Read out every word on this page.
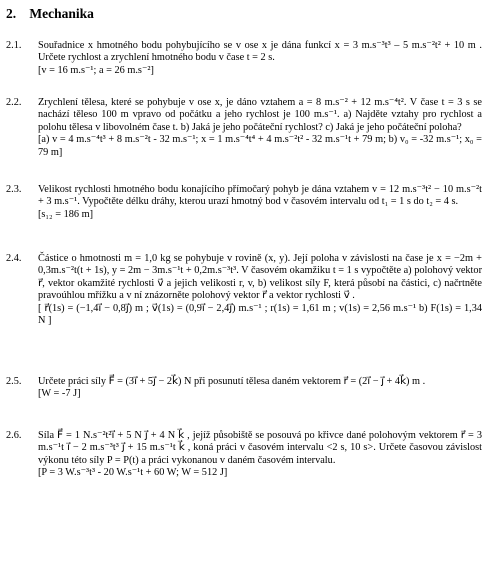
2. Mechanika
2.1.	Souřadnice x hmotného bodu pohybujícího se v ose x je dána funkcí x = 3 m.s⁻³t³ – 5 m.s⁻²t² + 10 m . Určete rychlost a zrychlení hmotného bodu v čase t = 2 s.

[v = 16 m.s⁻¹; a = 26 m.s⁻²]

2.2.	Zrychlení tělesa, které se pohybuje v ose x, je dáno vztahem a = 8 m.s⁻² + 12 m.s⁻⁴t². V čase t = 3 s se nachází těleso 100 m vpravo od počátku a jeho rychlost je 100 m.s⁻¹. a) Najděte vztahy pro rychlost a polohu tělesa v libovolném čase t. b) Jaká je jeho počáteční rychlost? c) Jaká je jeho počáteční poloha?

[a) v = 4 m.s⁻⁴t³ + 8 m.s⁻²t - 32 m.s⁻¹; x = 1 m.s⁻⁴t⁴ + 4 m.s⁻²t² - 32 m.s⁻¹t + 79 m; b) v₀ = -32 m.s⁻¹; x₀ = 79 m]

2.3.	Velikost rychlosti hmotného bodu konajícího přímočarý pohyb je dána vztahem v = 12 m.s⁻³t² − 10 m.s⁻²t + 3 m.s⁻¹. Vypočtěte délku dráhy, kterou urazí hmotný bod v časovém intervalu od t₁ = 1 s do t₂ = 4 s.

[s₁₂ = 186 m]

2.4.	Částice o hmotnosti m = 1,0 kg se pohybuje v rovině (x, y). Její poloha v závislosti na čase je x = −2m + 0,3m.s⁻²t(t + 1s), y = 2m − 3m.s⁻¹t + 0,2m.s⁻³t³. V časovém okamžiku t = 1 s vypočtěte a) polohový vektor r⃗, vektor okamžité rychlosti v⃗ a jejich velikosti r, v, b) velikost síly F, která působí na částici, c) načrtněte pravoúhlou mřížku a v ní znázorněte polohový vektor r⃗ a vektor rychlosti v⃗ .

[ r⃗(1s) = (−1,4i⃗ − 0,8j⃗) m ; v⃗(1s) = (0,9i⃗ − 2,4j⃗) m.s⁻¹ ; r(1s) = 1,61 m ; v(1s) = 2,56 m.s⁻¹ b) F(1s) = 1,34 N ]

2.5.	Určete práci síly F⃗ = (3i⃗ + 5j⃗ − 2k⃗) N při posunutí tělesa daném vektorem r⃗ = (2i⃗ − j⃗ + 4k⃗) m .

[W = -7 J]

2.6.	Síla F⃗ = 1 N.s⁻²t²i⃗ + 5 N j⃗ + 4 N k⃗ , jejíž působiště se posouvá po křivce dané polohovým vektorem r⃗ = 3 m.s⁻¹t i⃗ − 2 m.s⁻³t³ j⃗ + 15 m.s⁻¹t k⃗ , koná práci v časovém intervalu <2 s, 10 s>. Určete časovou závislost výkonu této síly P = P(t) a práci vykonanou v daném časovém intervalu.

[P = 3 W.s⁻³t³ - 20 W.s⁻¹t + 60 W; W = 512 J]
